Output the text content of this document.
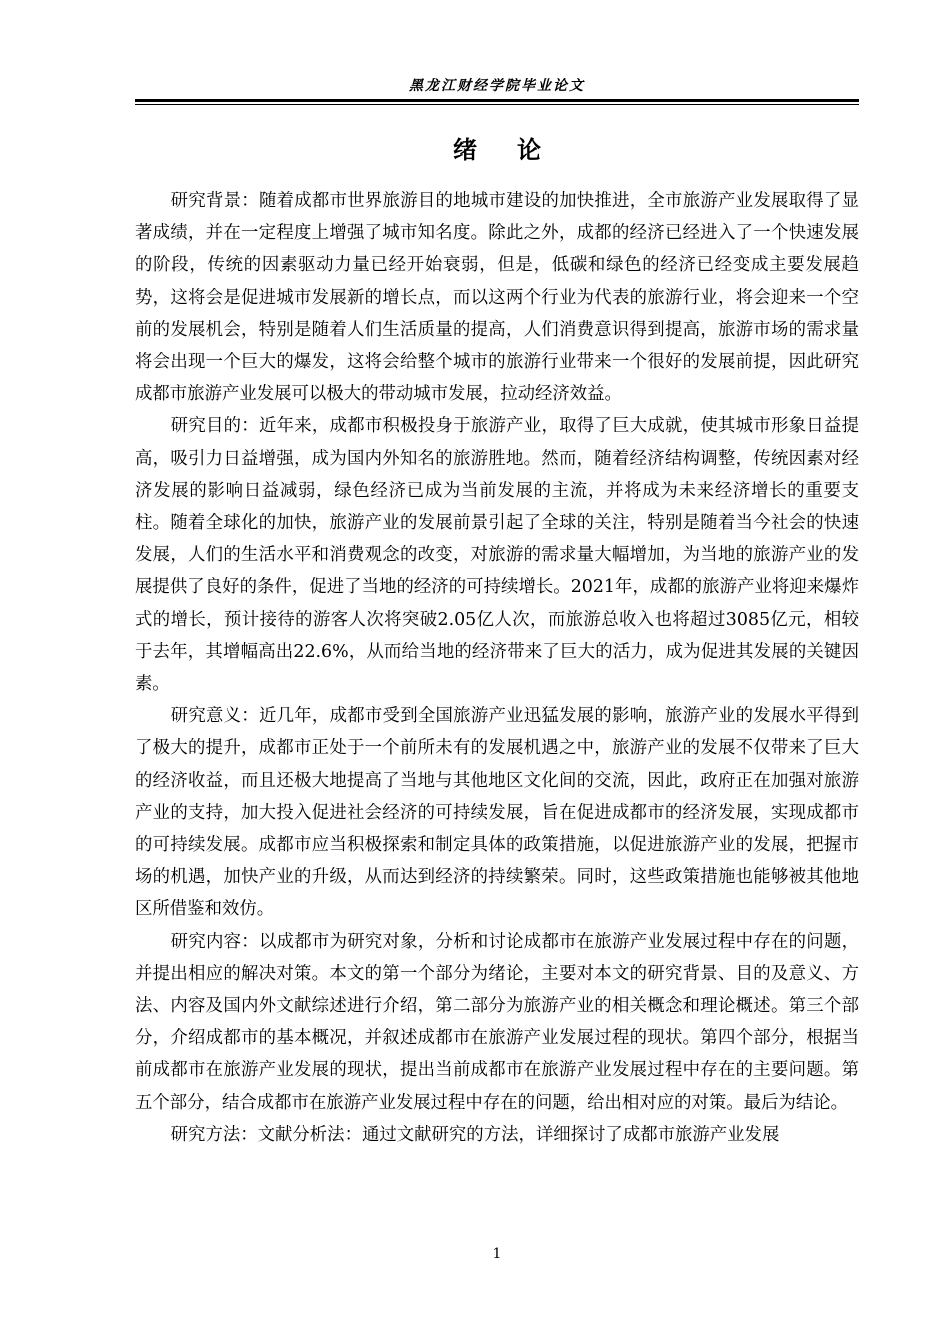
黑龙江财经学院毕业论文
绪论

研究背景：随着成都市世界旅游目的地城市建设的加快推进，全市旅游产业发展取得了显著成绩，并在一定程度上增强了城市知名度。除此之外，成都的经济已经进入了一个快速发展的阶段，传统的因素驱动力量已经开始衰弱，但是，低碳和绿色的经济已经变成主要发展趋势，这将会是促进城市发展新的增长点，而以这两个行业为代表的旅游行业，将会迎来一个空前的发展机会，特别是随着人们生活质量的提高，人们消费意识得到提高，旅游市场的需求量将会出现一个巨大的爆发，这将会给整个城市的旅游行业带来一个很好的发展前提，因此研究成都市旅游产业发展可以极大的带动城市发展，拉动经济效益。

研究目的：近年来，成都市积极投身于旅游产业，取得了巨大成就，使其城市形象日益提高，吸引力日益增强，成为国内外知名的旅游胜地。然而，随着经济结构调整，传统因素对经济发展的影响日益减弱，绿色经济已成为当前发展的主流，并将成为未来经济增长的重要支柱。随着全球化的加快，旅游产业的发展前景引起了全球的关注，特别是随着当今社会的快速发展，人们的生活水平和消费观念的改变，对旅游的需求量大幅增加，为当地的旅游产业的发展提供了良好的条件，促进了当地的经济的可持续增长。2021年，成都的旅游产业将迎来爆炸式的增长，预计接待的游客人次将突破2.05亿人次，而旅游总收入也将超过3085亿元，相较于去年，其增幅高出22.6%，从而给当地的经济带来了巨大的活力，成为促进其发展的关键因素。

研究意义：近几年，成都市受到全国旅游产业迅猛发展的影响，旅游产业的发展水平得到了极大的提升，成都市正处于一个前所未有的发展机遇之中，旅游产业的发展不仅带来了巨大的经济收益，而且还极大地提高了当地与其他地区文化间的交流，因此，政府正在加强对旅游产业的支持，加大投入促进社会经济的可持续发展，旨在促进成都市的经济发展，实现成都市的可持续发展。成都市应当积极探索和制定具体的政策措施，以促进旅游产业的发展，把握市场的机遇，加快产业的升级，从而达到经济的持续繁荣。同时，这些政策措施也能够被其他地区所借鉴和效仿。

研究内容：以成都市为研究对象，分析和讨论成都市在旅游产业发展过程中存在的问题，并提出相应的解决对策。本文的第一个部分为绪论，主要对本文的研究背景、目的及意义、方法、内容及国内外文献综述进行介绍，第二部分为旅游产业的相关概念和理论概述。第三个部分，介绍成都市的基本概况，并叙述成都市在旅游产业发展过程的现状。第四个部分，根据当前成都市在旅游产业发展的现状，提出当前成都市在旅游产业发展过程中存在的主要问题。第五个部分，结合成都市在旅游产业发展过程中存在的问题，给出相对应的对策。最后为结论。

研究方法：文献分析法：通过文献研究的方法，详细探讨了成都市旅游产业发展

1
